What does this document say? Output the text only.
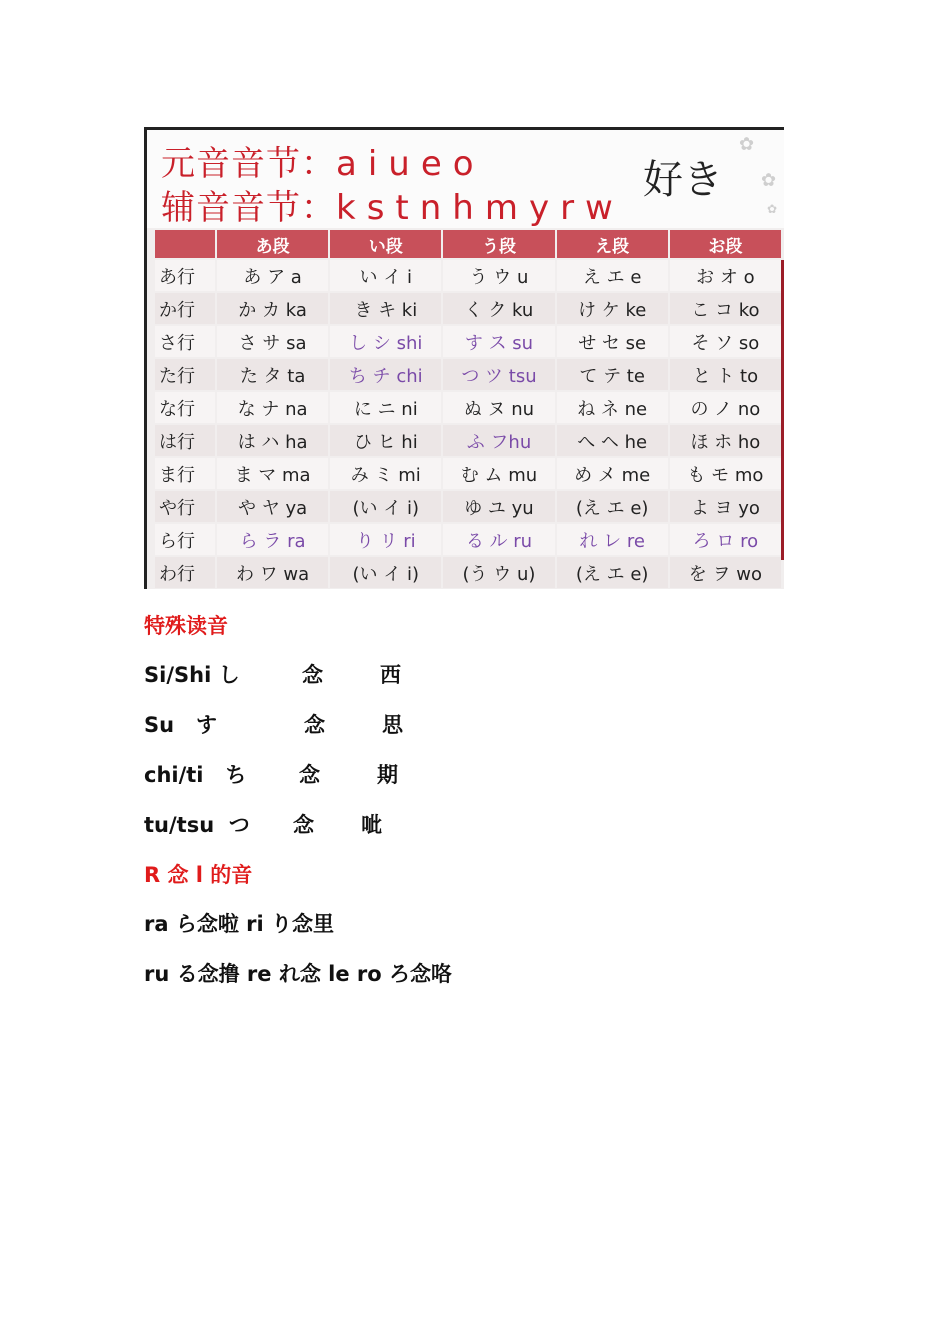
元音音节：aiueo
辅音音节：kstnhmyrw
好き
✿
✿
✿
	あ段	い段	う段	え段	お段
あ行	あ ア a	い イ i	う ウ u	え エ e	お オ o
か行	か カ ka	き キ ki	く ク ku	け ケ ke	こ コ ko
さ行	さ サ sa	し シ shi	す ス su	せ セ se	そ ソ so
た行	た タ ta	ち チ chi	つ ツ tsu	て テ te	と ト to
な行	な ナ na	に ニ ni	ぬ ヌ nu	ね ネ ne	の ノ no
は行	は ハ ha	ひ ヒ hi	ふ フhu	へ ヘ he	ほ ホ ho
ま行	ま マ ma	み ミ mi	む ム mu	め メ me	も モ mo
や行	や ヤ ya	(い イ i)	ゆ ユ yu	(え エ e)	よ ヨ yo
ら行	ら ラ ra	り リ ri	る ル ru	れ レ re	ろ ロ ro
わ行	わ ワ wa	(い イ i)	(う ウ u)	(え エ e)	を ヲ wo
特殊读音
Si/Shi し	念	西
Su   す	念	思
chi/ti   ち	念	期
tu/tsu  つ 念 呲
R 念 l 的音
ra ら念啦 ri り念里
ru る念撸 re れ念 le ro ろ念咯
